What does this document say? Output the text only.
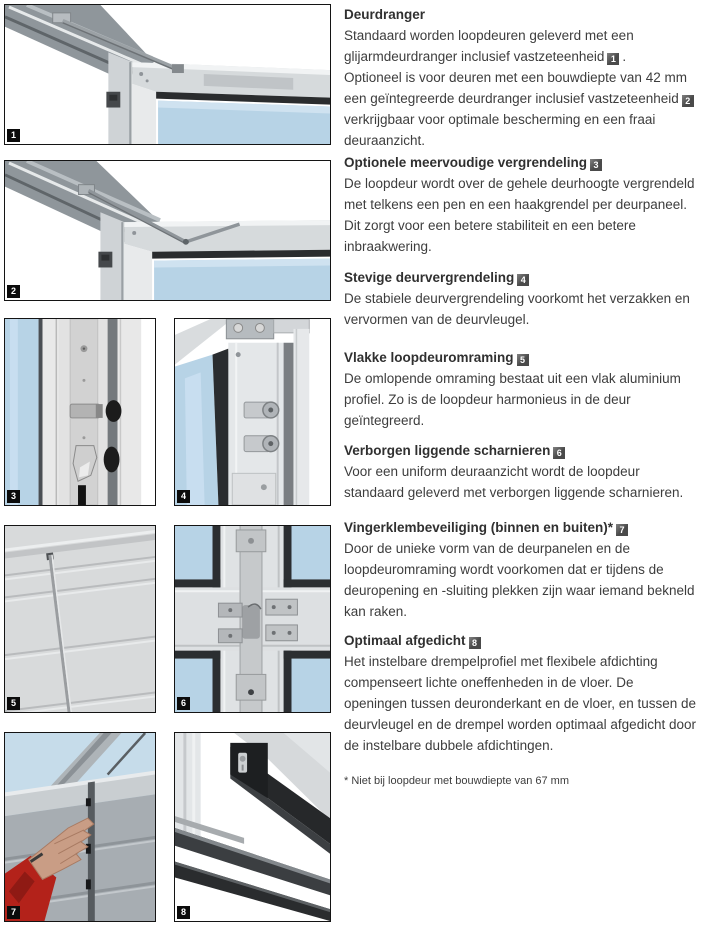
1
2
3	4
5	6
7	8
Deurdranger

Standaard worden loopdeuren geleverd met een glijarmdeurdranger inclusief vastzeteenheid 1 .
Optioneel is voor deuren met een bouwdiepte van 42 mm een geïntegreerde deurdranger inclusief vastzeteenheid 2verkrijgbaar voor optimale bescherming en een fraai deuraanzicht.

Optionele meervoudige vergrendeling 3

De loopdeur wordt over de gehele deurhoogte vergrendeld met telkens een pen en een haakgrendel per deurpaneel. Dit zorgt voor een betere stabiliteit en een betere inbraakwering.

Stevige deurvergrendeling 4

De stabiele deurvergrendeling voorkomt het verzakken en vervormen van de deurvleugel.

Vlakke loopdeuromraming 5

De omlopende omraming bestaat uit een vlak aluminium profiel. Zo is de loopdeur harmonieus in de deur geïntegreerd.

Verborgen liggende scharnieren 6

Voor een uniform deuraanzicht wordt de loopdeur standaard geleverd met verborgen liggende scharnieren.

Vingerklembeveiliging (binnen en buiten)* 7

Door de unieke vorm van de deurpanelen en de loopdeuromraming wordt voorkomen dat er tijdens de deuropening en -sluiting plekken zijn waar iemand bekneld kan raken.

Optimaal afgedicht 8

Het instelbare drempelprofiel met flexibele afdichting compenseert lichte oneffenheden in de vloer. De openingen tussen deuronderkant en de vloer, en tussen de deurvleugel en de drempel worden optimaal afgedicht door de instelbare dubbele afdichtingen.

* Niet bij loopdeur met bouwdiepte van 67 mm
